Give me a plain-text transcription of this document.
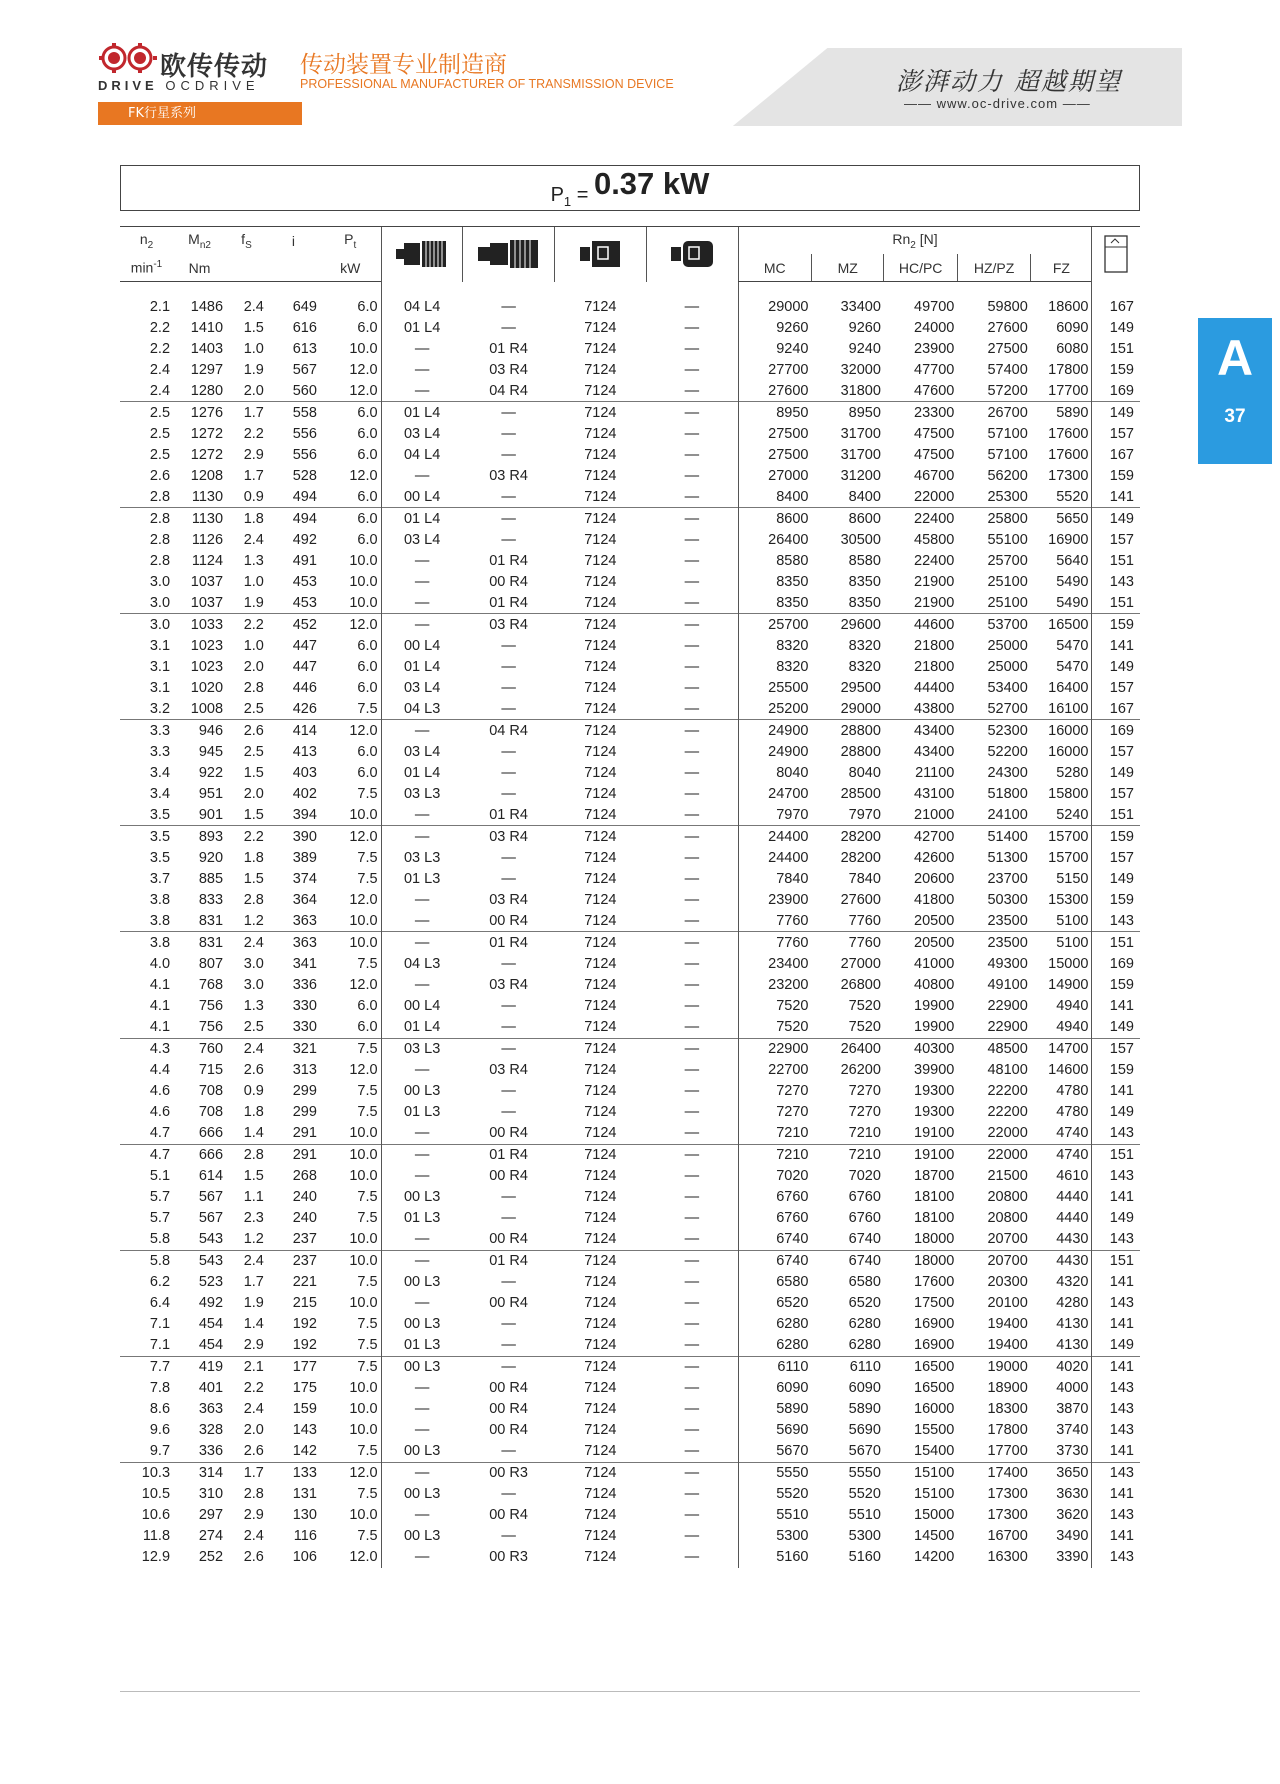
欧传传动
DRIVE OCDRIVE
传动装置专业制造商
PROFESSIONAL MANUFACTURER OF TRANSMISSION DEVICE	澎湃动力 超越期望
—— www.oc-drive.com ——
FK行星系列
A
37
$P_1 = 0.37$ kW
$n_2$	$M_{n2}$	$f_S$	i	$P_t$					$Rn_2$ [N]	

$\min^{-1}$	Nm			kW					MC	MZ	HC/PC	HZ/PZ	FZ	

2.1	1486	2.4	649	6.0	04 L4	—	7124	—	29000	33400	49700	59800	18600	167
2.2	1410	1.5	616	6.0	01 L4	—	7124	—	9260	9260	24000	27600	6090	149
2.2	1403	1.0	613	10.0	—	01 R4	7124	—	9240	9240	23900	27500	6080	151
2.4	1297	1.9	567	12.0	—	03 R4	7124	—	27700	32000	47700	57400	17800	159
2.4	1280	2.0	560	12.0	—	04 R4	7124	—	27600	31800	47600	57200	17700	169
2.5	1276	1.7	558	6.0	01 L4	—	7124	—	8950	8950	23300	26700	5890	149
2.5	1272	2.2	556	6.0	03 L4	—	7124	—	27500	31700	47500	57100	17600	157
2.5	1272	2.9	556	6.0	04 L4	—	7124	—	27500	31700	47500	57100	17600	167
2.6	1208	1.7	528	12.0	—	03 R4	7124	—	27000	31200	46700	56200	17300	159
2.8	1130	0.9	494	6.0	00 L4	—	7124	—	8400	8400	22000	25300	5520	141
2.8	1130	1.8	494	6.0	01 L4	—	7124	—	8600	8600	22400	25800	5650	149
2.8	1126	2.4	492	6.0	03 L4	—	7124	—	26400	30500	45800	55100	16900	157
2.8	1124	1.3	491	10.0	—	01 R4	7124	—	8580	8580	22400	25700	5640	151
3.0	1037	1.0	453	10.0	—	00 R4	7124	—	8350	8350	21900	25100	5490	143
3.0	1037	1.9	453	10.0	—	01 R4	7124	—	8350	8350	21900	25100	5490	151
3.0	1033	2.2	452	12.0	—	03 R4	7124	—	25700	29600	44600	53700	16500	159
3.1	1023	1.0	447	6.0	00 L4	—	7124	—	8320	8320	21800	25000	5470	141
3.1	1023	2.0	447	6.0	01 L4	—	7124	—	8320	8320	21800	25000	5470	149
3.1	1020	2.8	446	6.0	03 L4	—	7124	—	25500	29500	44400	53400	16400	157
3.2	1008	2.5	426	7.5	04 L3	—	7124	—	25200	29000	43800	52700	16100	167
3.3	946	2.6	414	12.0	—	04 R4	7124	—	24900	28800	43400	52300	16000	169
3.3	945	2.5	413	6.0	03 L4	—	7124	—	24900	28800	43400	52200	16000	157
3.4	922	1.5	403	6.0	01 L4	—	7124	—	8040	8040	21100	24300	5280	149
3.4	951	2.0	402	7.5	03 L3	—	7124	—	24700	28500	43100	51800	15800	157
3.5	901	1.5	394	10.0	—	01 R4	7124	—	7970	7970	21000	24100	5240	151
3.5	893	2.2	390	12.0	—	03 R4	7124	—	24400	28200	42700	51400	15700	159
3.5	920	1.8	389	7.5	03 L3	—	7124	—	24400	28200	42600	51300	15700	157
3.7	885	1.5	374	7.5	01 L3	—	7124	—	7840	7840	20600	23700	5150	149
3.8	833	2.8	364	12.0	—	03 R4	7124	—	23900	27600	41800	50300	15300	159
3.8	831	1.2	363	10.0	—	00 R4	7124	—	7760	7760	20500	23500	5100	143
3.8	831	2.4	363	10.0	—	01 R4	7124	—	7760	7760	20500	23500	5100	151
4.0	807	3.0	341	7.5	04 L3	—	7124	—	23400	27000	41000	49300	15000	169
4.1	768	3.0	336	12.0	—	03 R4	7124	—	23200	26800	40800	49100	14900	159
4.1	756	1.3	330	6.0	00 L4	—	7124	—	7520	7520	19900	22900	4940	141
4.1	756	2.5	330	6.0	01 L4	—	7124	—	7520	7520	19900	22900	4940	149
4.3	760	2.4	321	7.5	03 L3	—	7124	—	22900	26400	40300	48500	14700	157
4.4	715	2.6	313	12.0	—	03 R4	7124	—	22700	26200	39900	48100	14600	159
4.6	708	0.9	299	7.5	00 L3	—	7124	—	7270	7270	19300	22200	4780	141
4.6	708	1.8	299	7.5	01 L3	—	7124	—	7270	7270	19300	22200	4780	149
4.7	666	1.4	291	10.0	—	00 R4	7124	—	7210	7210	19100	22000	4740	143
4.7	666	2.8	291	10.0	—	01 R4	7124	—	7210	7210	19100	22000	4740	151
5.1	614	1.5	268	10.0	—	00 R4	7124	—	7020	7020	18700	21500	4610	143
5.7	567	1.1	240	7.5	00 L3	—	7124	—	6760	6760	18100	20800	4440	141
5.7	567	2.3	240	7.5	01 L3	—	7124	—	6760	6760	18100	20800	4440	149
5.8	543	1.2	237	10.0	—	00 R4	7124	—	6740	6740	18000	20700	4430	143
5.8	543	2.4	237	10.0	—	01 R4	7124	—	6740	6740	18000	20700	4430	151
6.2	523	1.7	221	7.5	00 L3	—	7124	—	6580	6580	17600	20300	4320	141
6.4	492	1.9	215	10.0	—	00 R4	7124	—	6520	6520	17500	20100	4280	143
7.1	454	1.4	192	7.5	00 L3	—	7124	—	6280	6280	16900	19400	4130	141
7.1	454	2.9	192	7.5	01 L3	—	7124	—	6280	6280	16900	19400	4130	149
7.7	419	2.1	177	7.5	00 L3	—	7124	—	6110	6110	16500	19000	4020	141
7.8	401	2.2	175	10.0	—	00 R4	7124	—	6090	6090	16500	18900	4000	143
8.6	363	2.4	159	10.0	—	00 R4	7124	—	5890	5890	16000	18300	3870	143
9.6	328	2.0	143	10.0	—	00 R4	7124	—	5690	5690	15500	17800	3740	143
9.7	336	2.6	142	7.5	00 L3	—	7124	—	5670	5670	15400	17700	3730	141
10.3	314	1.7	133	12.0	—	00 R3	7124	—	5550	5550	15100	17400	3650	143
10.5	310	2.8	131	7.5	00 L3	—	7124	—	5520	5520	15100	17300	3630	141
10.6	297	2.9	130	10.0	—	00 R4	7124	—	5510	5510	15000	17300	3620	143
11.8	274	2.4	116	7.5	00 L3	—	7124	—	5300	5300	14500	16700	3490	141
12.9	252	2.6	106	12.0	—	00 R3	7124	—	5160	5160	14200	16300	3390	143
